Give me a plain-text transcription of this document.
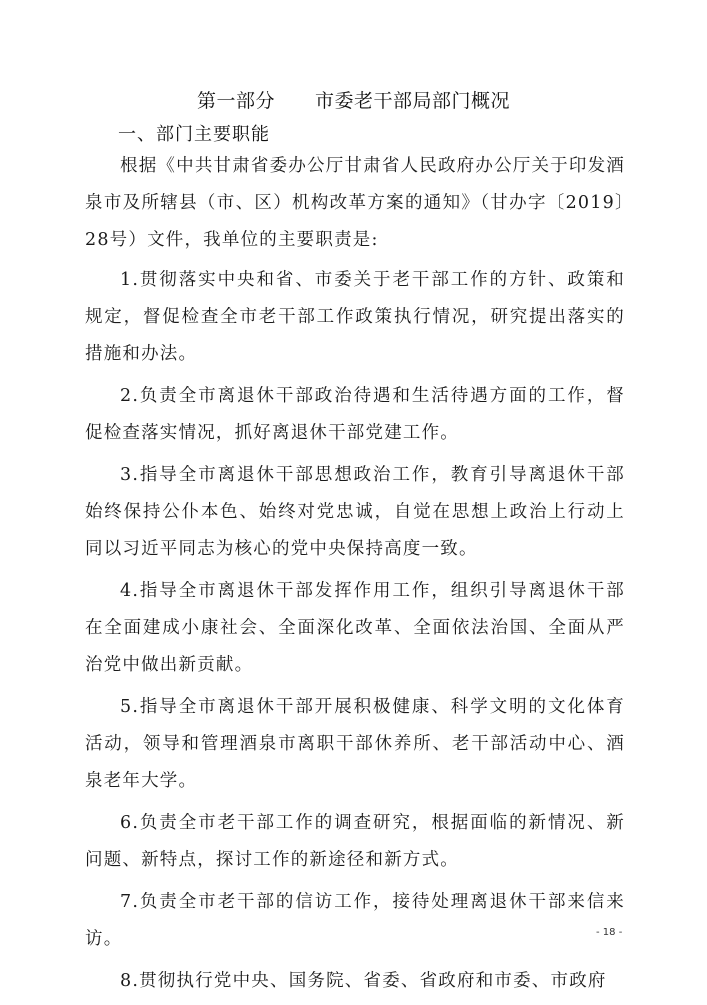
第一部分 市委老干部局部门概况
一、部门主要职能

根据《中共甘肃省委办公厅甘肃省人民政府办公厅关于印发酒泉市及所辖县（市、区）机构改革方案的通知》（甘办字〔2019〕28号）文件，我单位的主要职责是:

1.贯彻落实中央和省、市委关于老干部工作的方针、政策和规定，督促检查全市老干部工作政策执行情况，研究提出落实的措施和办法。
2.负责全市离退休干部政治待遇和生活待遇方面的工作，督促检查落实情况，抓好离退休干部党建工作。
3.指导全市离退休干部思想政治工作，教育引导离退休干部始终保持公仆本色、始终对党忠诚，自觉在思想上政治上行动上同以习近平同志为核心的党中央保持高度一致。
4.指导全市离退休干部发挥作用工作，组织引导离退休干部在全面建成小康社会、全面深化改革、全面依法治国、全面从严治党中做出新贡献。
5.指导全市离退休干部开展积极健康、科学文明的文化体育活动，领导和管理酒泉市离职干部休养所、老干部活动中心、酒泉老年大学。
6.负责全市老干部工作的调查研究，根据面临的新情况、新问题、新特点，探讨工作的新途径和新方式。
7.负责全市老干部的信访工作，接待处理离退休干部来信来访。
8.贯彻执行党中央、国务院、省委、省政府和市委、市政府
- 18 -
